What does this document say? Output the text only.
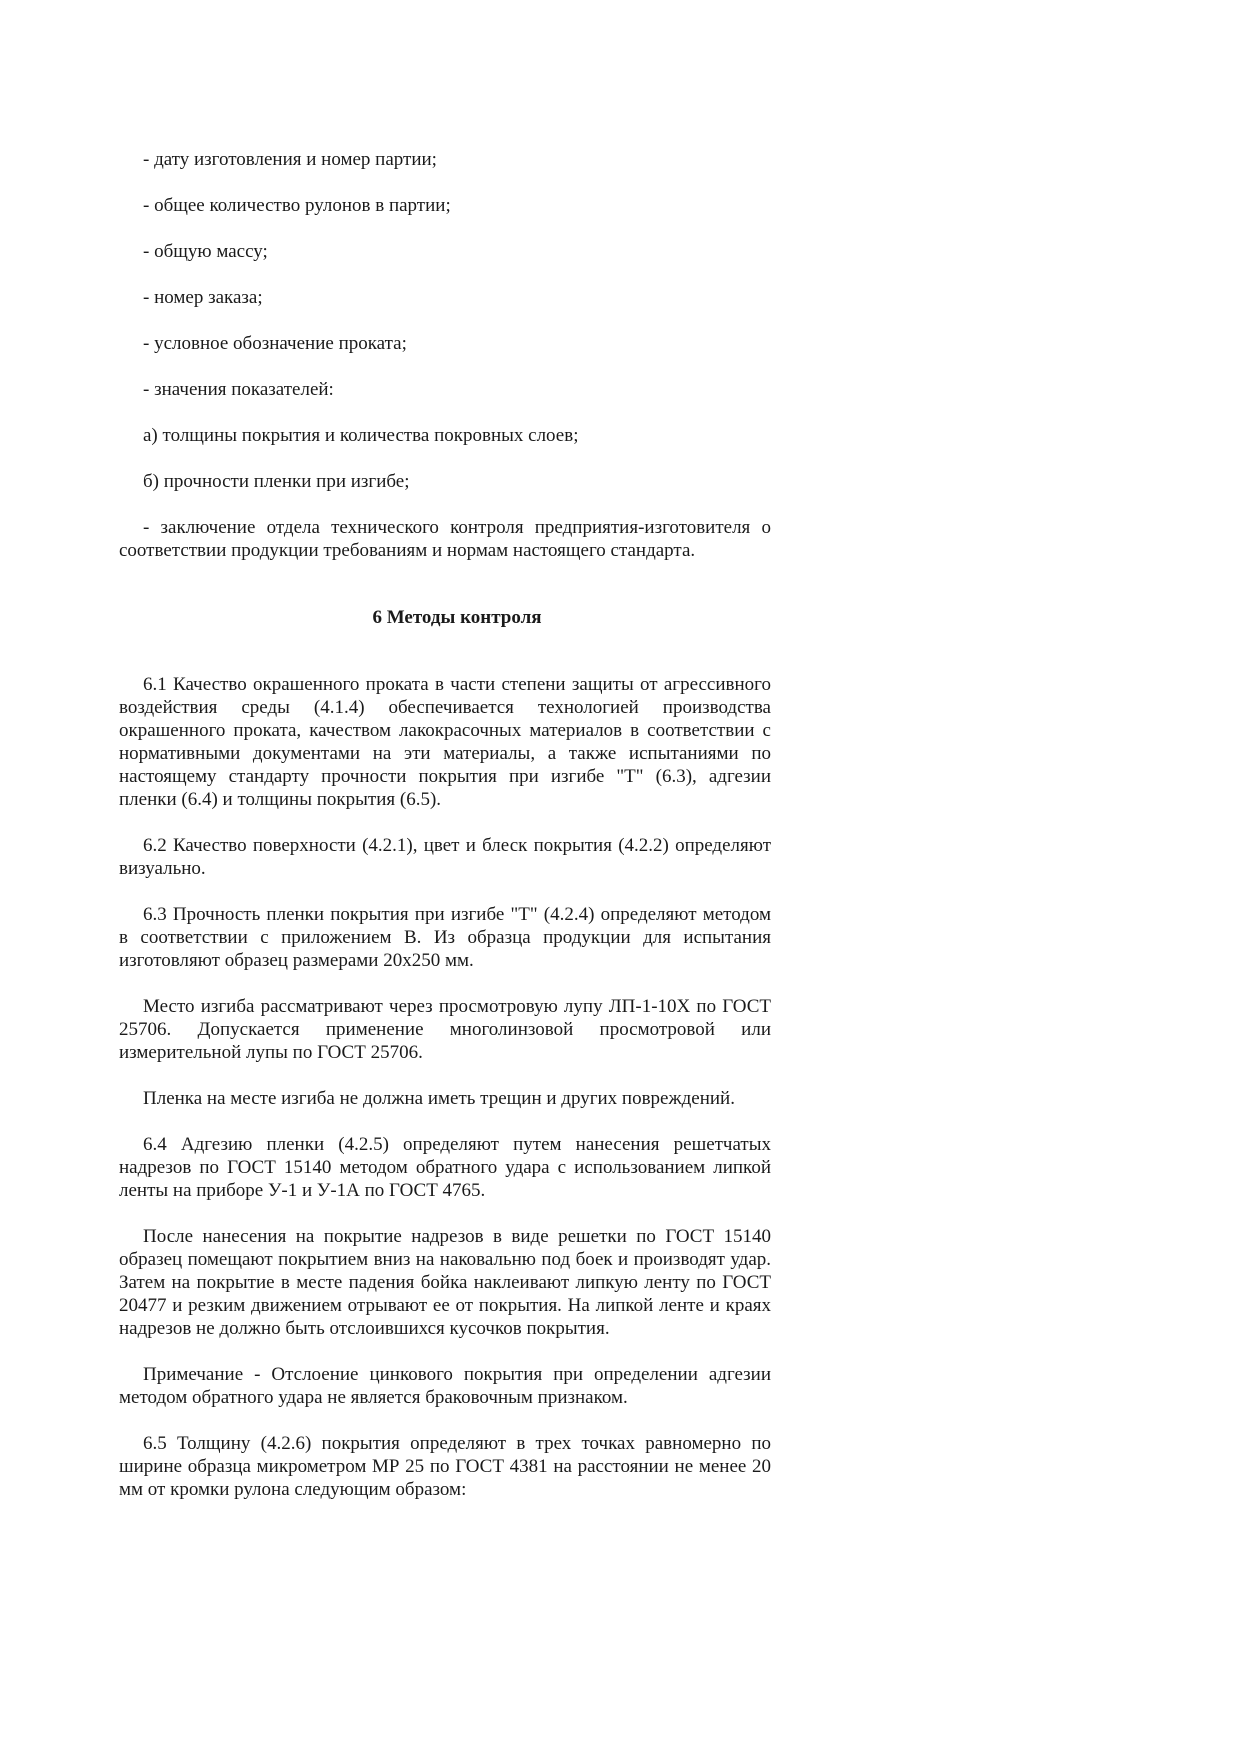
- дату изготовления и номер партии;

- общее количество рулонов в партии;

- общую массу;

- номер заказа;

- условное обозначение проката;

- значения показателей:

а) толщины покрытия и количества покровных слоев;

б) прочности пленки при изгибе;

- заключение отдела технического контроля предприятия-изготовителя о соответствии продукции требованиям и нормам настоящего стандарта.

6 Методы контроля

6.1 Качество окрашенного проката в части степени защиты от агрессивного воздействия среды (4.1.4) обеспечивается технологией производства окрашенного проката, качеством лакокрасочных материалов в соответствии с нормативными документами на эти материалы, а также испытаниями по настоящему стандарту прочности покрытия при изгибе "Т" (6.3), адгезии пленки (6.4) и толщины покрытия (6.5).

6.2 Качество поверхности (4.2.1), цвет и блеск покрытия (4.2.2) определяют визуально.

6.3 Прочность пленки покрытия при изгибе "Т" (4.2.4) определяют методом в соответствии с приложением В. Из образца продукции для испытания изготовляют образец размерами 20x250 мм.

Место изгиба рассматривают через просмотровую лупу ЛП-1-10Х по ГОСТ 25706. Допускается применение многолинзовой просмотровой или измерительной лупы по ГОСТ 25706.

Пленка на месте изгиба не должна иметь трещин и других повреждений.

6.4 Адгезию пленки (4.2.5) определяют путем нанесения решетчатых надрезов по ГОСТ 15140 методом обратного удара с использованием липкой ленты на приборе У-1 и У-1А по ГОСТ 4765.

После нанесения на покрытие надрезов в виде решетки по ГОСТ 15140 образец помещают покрытием вниз на наковальню под боек и производят удар. Затем на покрытие в месте падения бойка наклеивают липкую ленту по ГОСТ 20477 и резким движением отрывают ее от покрытия. На липкой ленте и краях надрезов не должно быть отслоившихся кусочков покрытия.

Примечание - Отслоение цинкового покрытия при определении адгезии методом обратного удара не является браковочным признаком.

6.5 Толщину (4.2.6) покрытия определяют в трех точках равномерно по ширине образца микрометром МР 25 по ГОСТ 4381 на расстоянии не менее 20 мм от кромки рулона следующим образом:
